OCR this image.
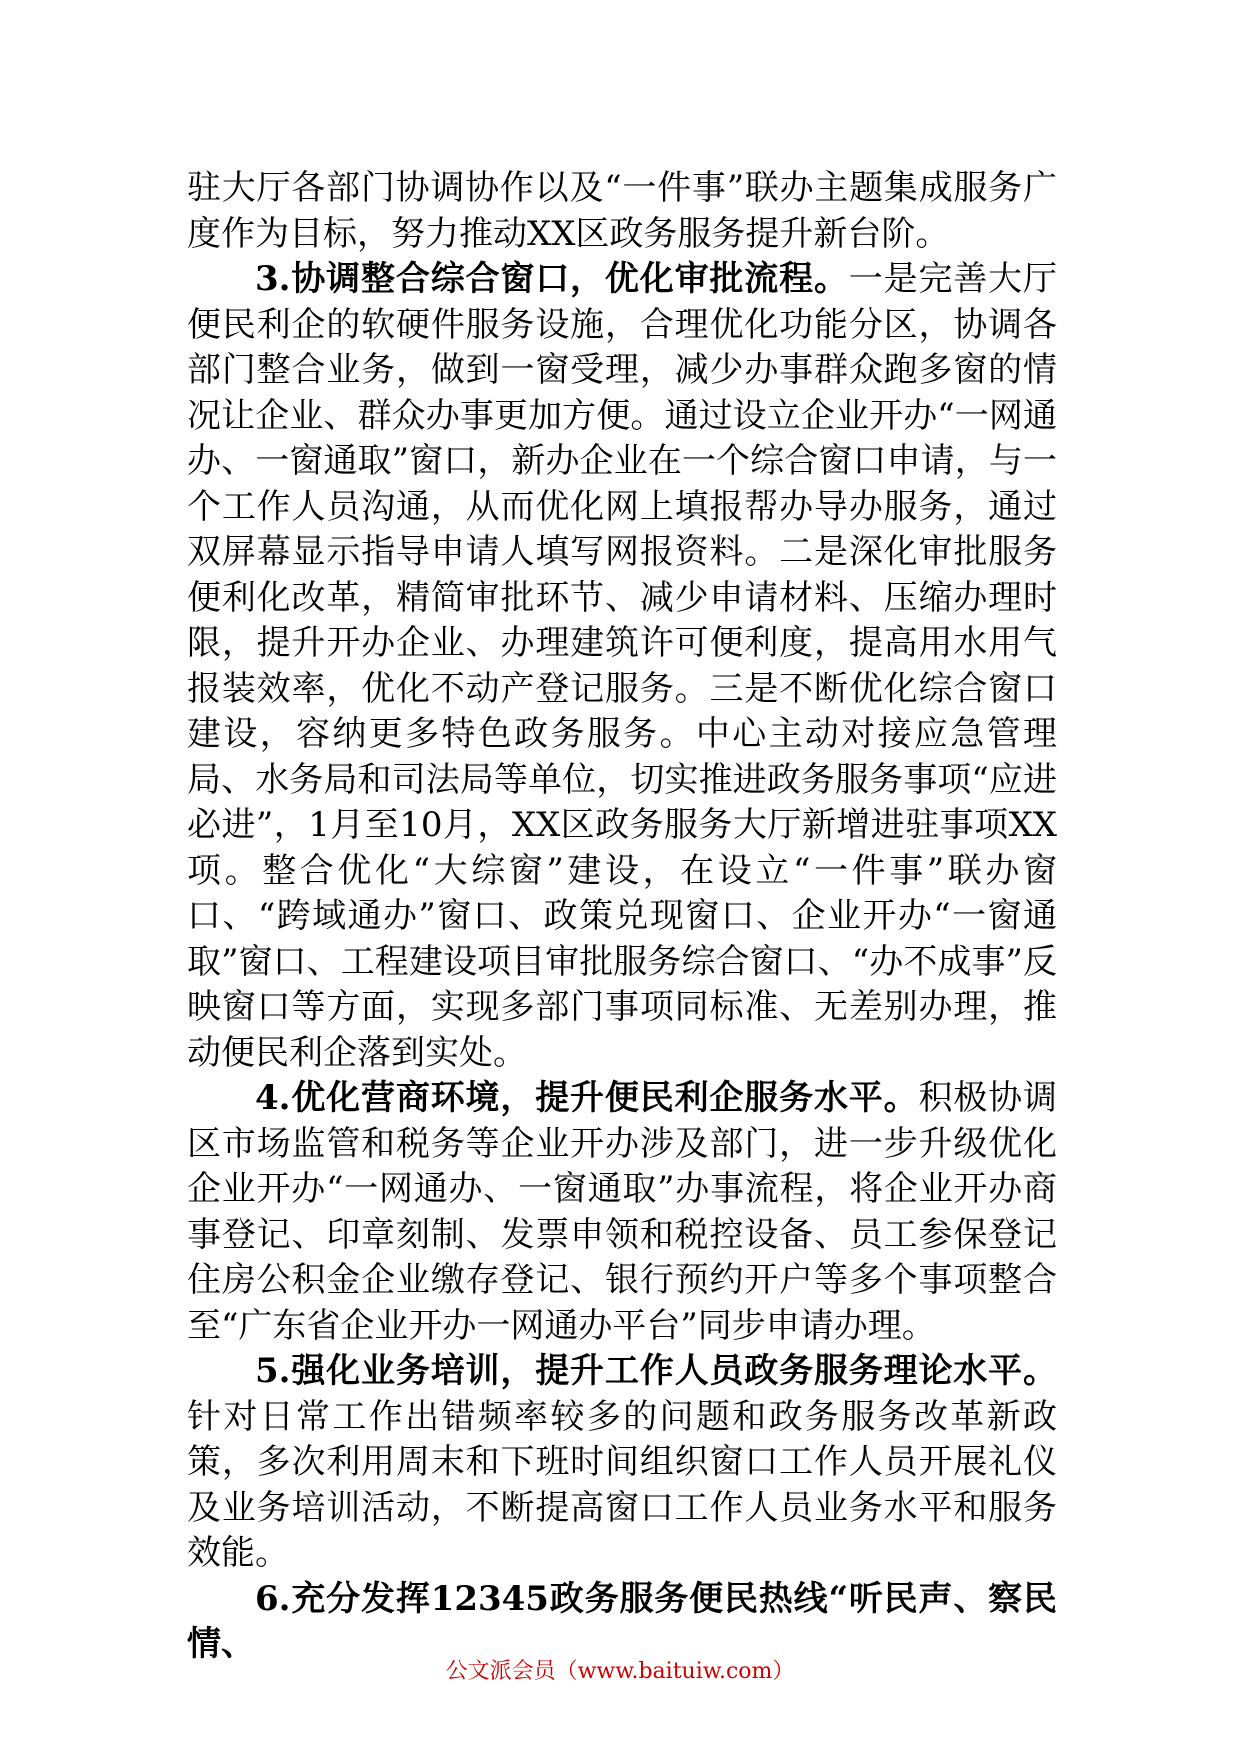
驻大厅各部门协调协作以及“一件事”联办主题集成服务广度作为目标，努力推动XX区政务服务提升新台阶。

3.协调整合综合窗口，优化审批流程。一是完善大厅便民利企的软硬件服务设施，合理优化功能分区，协调各部门整合业务，做到一窗受理，减少办事群众跑多窗的情况让企业、群众办事更加方便。通过设立企业开办“一网通办、一窗通取”窗口，新办企业在一个综合窗口申请，与一个工作人员沟通，从而优化网上填报帮办导办服务，通过双屏幕显示指导申请人填写网报资料。二是深化审批服务便利化改革，精简审批环节、减少申请材料、压缩办理时限，提升开办企业、办理建筑许可便利度，提高用水用气报装效率，优化不动产登记服务。三是不断优化综合窗口建设，容纳更多特色政务服务。中心主动对接应急管理局、水务局和司法局等单位，切实推进政务服务事项“应进必进”，1月至10月，XX区政务服务大厅新增进驻事项XX项。整合优化“大综窗”建设，在设立“一件事”联办窗口、“跨域通办”窗口、政策兑现窗口、企业开办“一窗通取”窗口、工程建设项目审批服务综合窗口、“办不成事”反映窗口等方面，实现多部门事项同标准、无差别办理，推动便民利企落到实处。

4.优化营商环境，提升便民利企服务水平。积极协调区市场监管和税务等企业开办涉及部门，进一步升级优化企业开办“一网通办、一窗通取”办事流程，将企业开办商事登记、印章刻制、发票申领和税控设备、员工参保登记住房公积金企业缴存登记、银行预约开户等多个事项整合至“广东省企业开办一网通办平台”同步申请办理。

5.强化业务培训，提升工作人员政务服务理论水平。针对日常工作出错频率较多的问题和政务服务改革新政策，多次利用周末和下班时间组织窗口工作人员开展礼仪及业务培训活动，不断提高窗口工作人员业务水平和服务效能。

6.充分发挥12345政务服务便民热线“听民声、察民情、

公文派会员（www.baituiw.com）
